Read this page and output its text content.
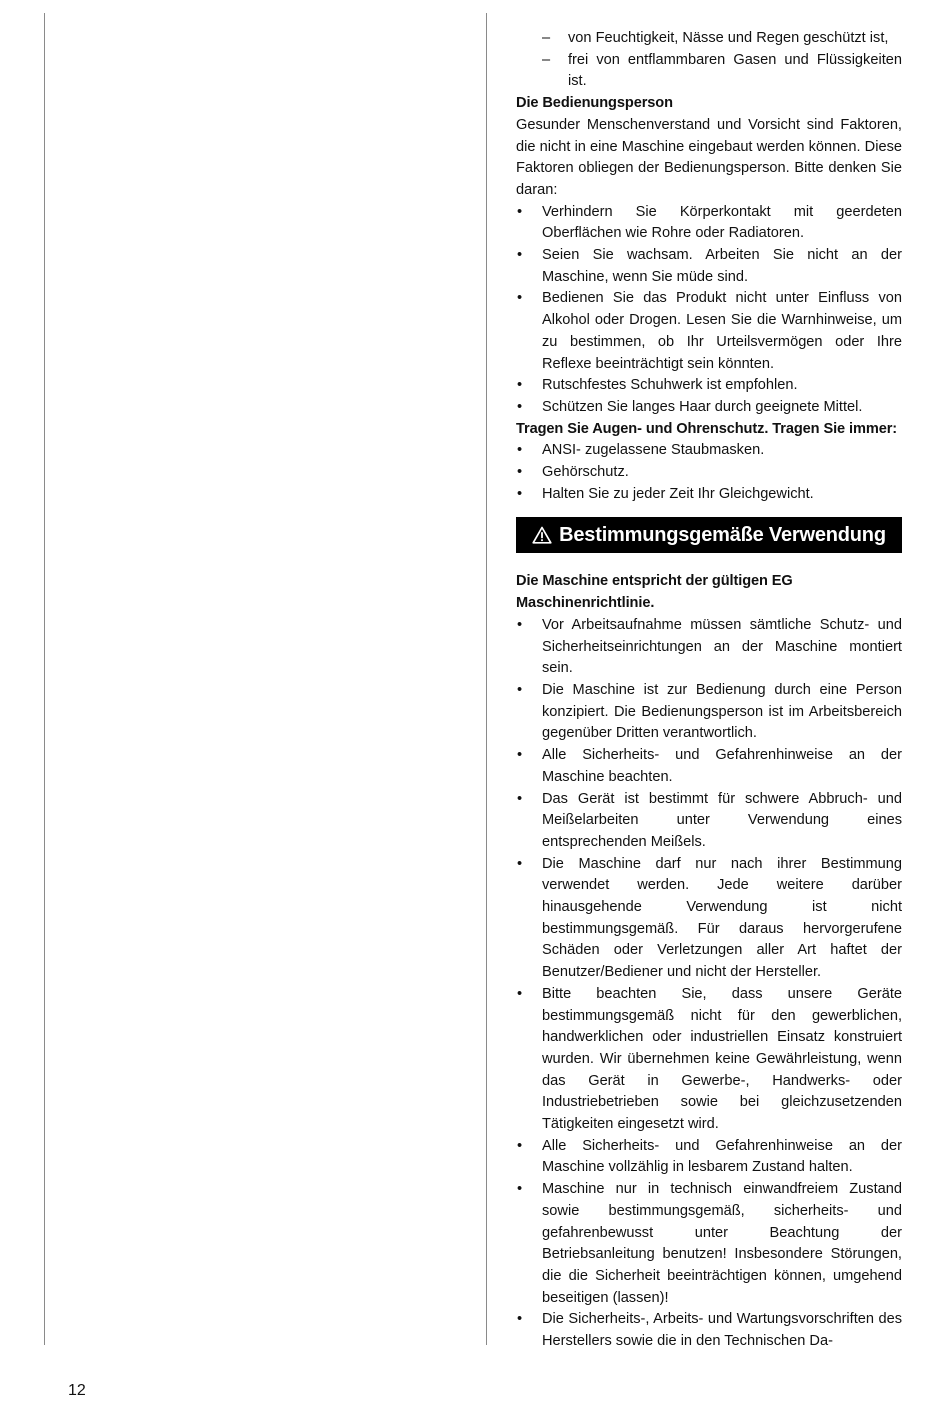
– von Feuchtigkeit, Nässe und Regen geschützt ist,
– frei von entflammbaren Gasen und Flüssigkeiten ist.
Die Bedienungsperson
Gesunder Menschenverstand und Vorsicht sind Faktoren, die nicht in eine Maschine eingebaut werden können. Diese Faktoren obliegen der Bedienungsperson. Bitte denken Sie daran:
• Verhindern Sie Körperkontakt mit geerdeten Oberflächen wie Rohre oder Radiatoren.
• Seien Sie wachsam. Arbeiten Sie nicht an der Maschine, wenn Sie müde sind.
• Bedienen Sie das Produkt nicht unter Einfluss von Alkohol oder Drogen. Lesen Sie die Warnhinweise, um zu bestimmen, ob Ihr Urteilsvermögen oder Ihre Reflexe beeinträchtigt sein könnten.
• Rutschfestes Schuhwerk ist empfohlen.
• Schützen Sie langes Haar durch geeignete Mittel.
Tragen Sie Augen- und Ohrenschutz. Tragen Sie immer:
• ANSI- zugelassene Staubmasken.
• Gehörschutz.
• Halten Sie zu jeder Zeit Ihr Gleichgewicht.
Bestimmungsgemäße Verwendung
Die Maschine entspricht der gültigen EG Maschinenrichtlinie.
• Vor Arbeitsaufnahme müssen sämtliche Schutz- und Sicherheitseinrichtungen an der Maschine montiert sein.
• Die Maschine ist zur Bedienung durch eine Person konzipiert. Die Bedienungsperson ist im Arbeitsbereich gegenüber Dritten verantwortlich.
• Alle Sicherheits- und Gefahrenhinweise an der Maschine beachten.
• Das Gerät ist bestimmt für schwere Abbruch- und Meißelarbeiten unter Verwendung eines entsprechenden Meißels.
• Die Maschine darf nur nach ihrer Bestimmung verwendet werden. Jede weitere darüber hinausgehende Verwendung ist nicht bestimmungsgemäß. Für daraus hervorgerufene Schäden oder Verletzungen aller Art haftet der Benutzer/Bediener und nicht der Hersteller.
• Bitte beachten Sie, dass unsere Geräte bestimmungsgemäß nicht für den gewerblichen, handwerklichen oder industriellen Einsatz konstruiert wurden. Wir übernehmen keine Gewährleistung, wenn das Gerät in Gewerbe-, Handwerks- oder Industriebetrieben sowie bei gleichzusetzenden Tätigkeiten eingesetzt wird.
• Alle Sicherheits- und Gefahrenhinweise an der Maschine vollzählig in lesbarem Zustand halten.
• Maschine nur in technisch einwandfreiem Zustand sowie bestimmungsgemäß, sicherheits- und gefahrenbewusst unter Beachtung der Betriebsanleitung benutzen! Insbesondere Störungen, die die Sicherheit beeinträchtigen können, umgehend beseitigen (lassen)!
• Die Sicherheits-, Arbeits- und Wartungsvorschriften des Herstellers sowie die in den Technischen Da-
12
